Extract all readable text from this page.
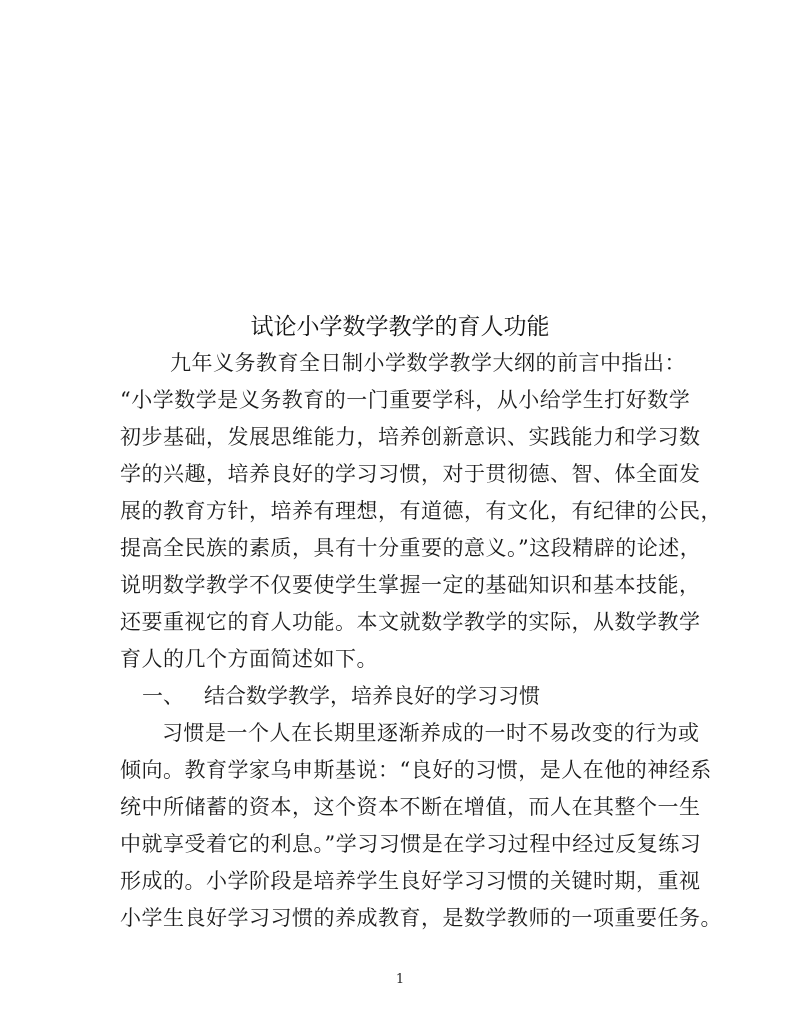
试论小学数学教学的育人功能
九年义务教育全日制小学数学教学大纲的前言中指出：
“小学数学是义务教育的一门重要学科，从小给学生打好数学
初步基础，发展思维能力，培养创新意识、实践能力和学习数
学的兴趣，培养良好的学习习惯，对于贯彻德、智、体全面发
展的教育方针，培养有理想，有道德，有文化，有纪律的公民，
提高全民族的素质，具有十分重要的意义。”这段精辟的论述，
说明数学教学不仅要使学生掌握一定的基础知识和基本技能，
还要重视它的育人功能。本文就数学教学的实际，从数学教学
育人的几个方面简述如下。
一、 结合数学教学，培养良好的学习习惯
习惯是一个人在长期里逐渐养成的一时不易改变的行为或
倾向。教育学家乌申斯基说：“良好的习惯，是人在他的神经系
统中所储蓄的资本，这个资本不断在增值，而人在其整个一生
中就享受着它的利息。”学习习惯是在学习过程中经过反复练习
形成的。小学阶段是培养学生良好学习习惯的关键时期，重视
小学生良好学习习惯的养成教育，是数学教师的一项重要任务。
1
